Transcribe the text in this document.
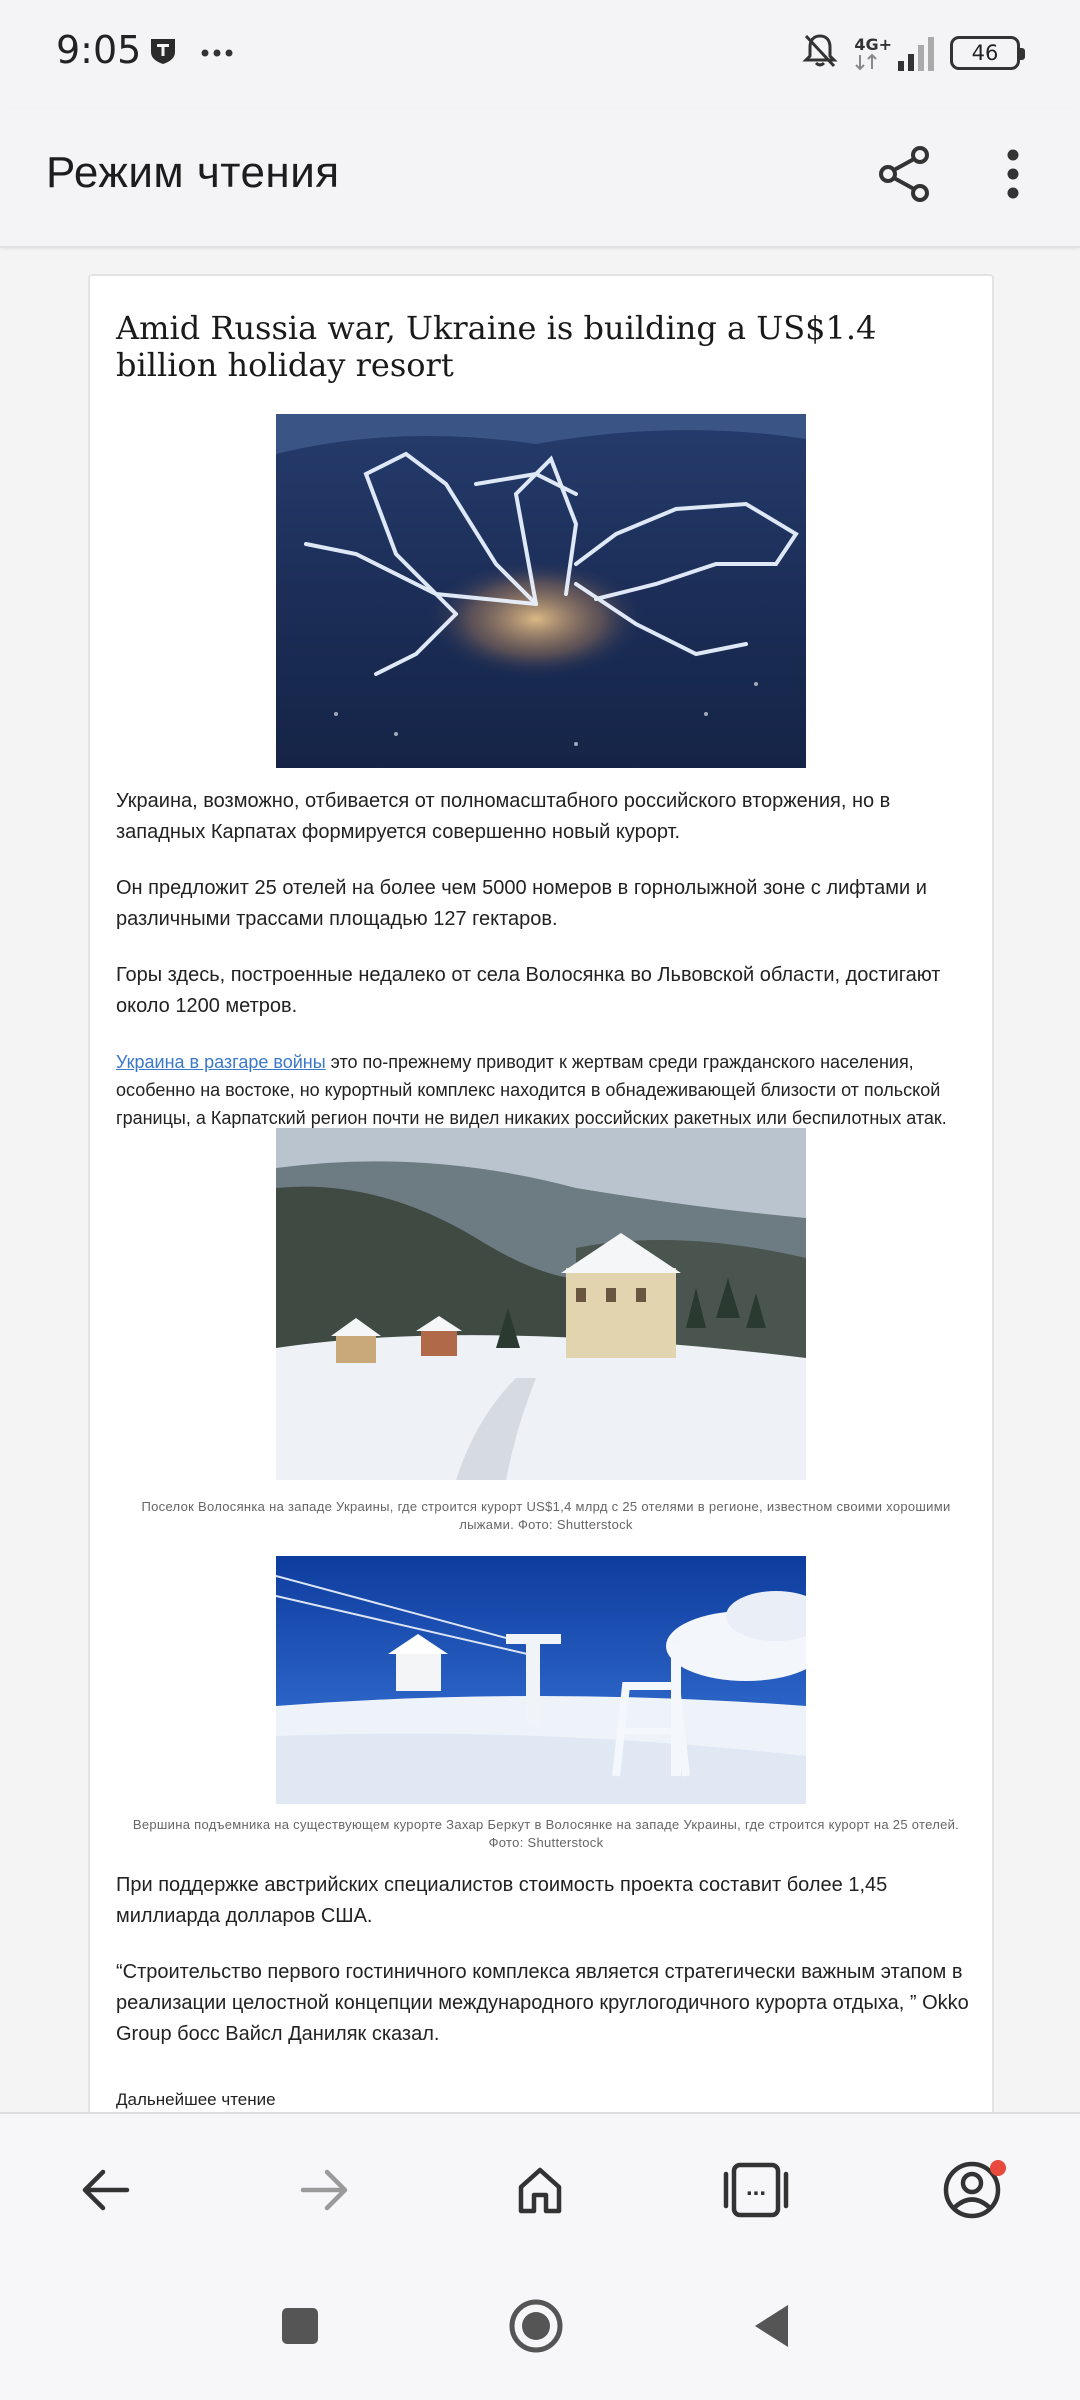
9:05	4G+	46
Режим чтения
Amid Russia war, Ukraine is building a US$1.4 billion holiday resort
Украина, возможно, отбивается от полномасштабного российского вторжения, но в западных Карпатах формируется совершенно новый курорт.
Он предложит 25 отелей на более чем 5000 номеров в горнолыжной зоне с лифтами и различными трассами площадью 127 гектаров.
Горы здесь, построенные недалеко от села Волосянка во Львовской области, достигают около 1200 метров.
Украина в разгаре войны это по-прежнему приводит к жертвам среди гражданского населения, особенно на востоке, но курортный комплекс находится в обнадеживающей близости от польской границы, а Карпатский регион почти не видел никаких российских ракетных или беспилотных атак.
Поселок Волосянка на западе Украины, где строится курорт US$1,4 млрд с 25 отелями в регионе, известном своими хорошими лыжами. Фото: Shutterstock
Вершина подъемника на существующем курорте Захар Беркут в Волосянке на западе Украины, где строится курорт на 25 отелей. Фото: Shutterstock
При поддержке австрийских специалистов стоимость проекта составит более 1,45 миллиарда долларов США.
“Строительство первого гостиничного комплекса является стратегически важным этапом в реализации целостной концепции международного круглогодичного курорта отдыха, ” Okko Group босс Вайсл Даниляк сказал.
Дальнейшее чтение
...
